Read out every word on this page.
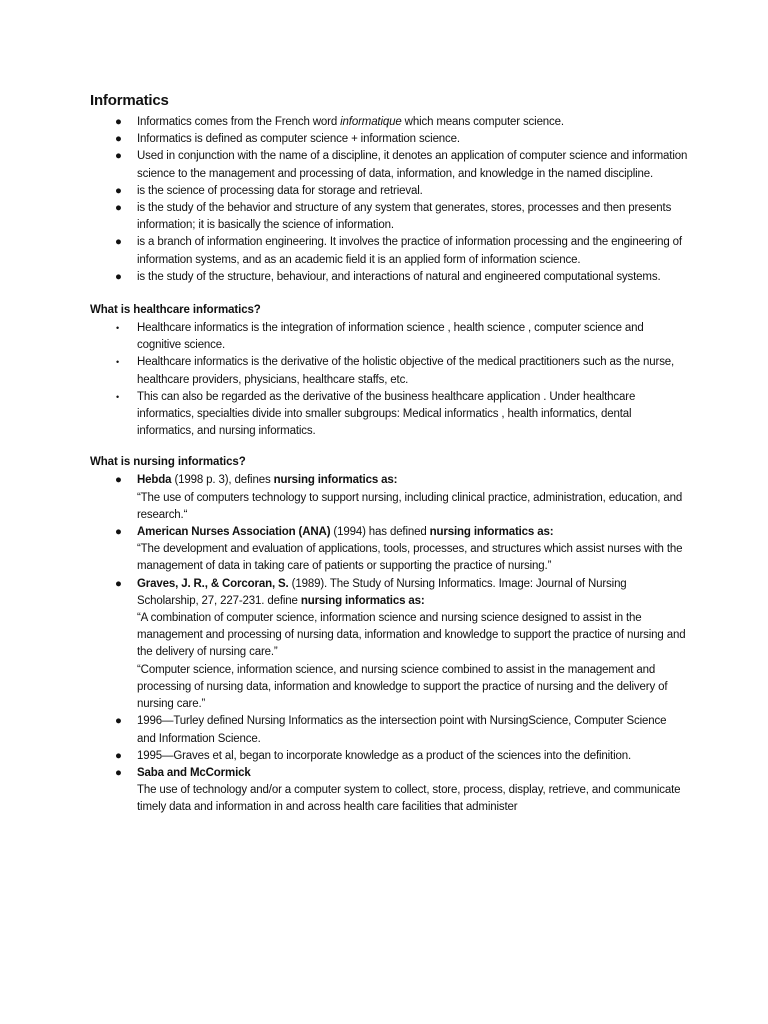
Informatics
● Informatics comes from the French word informatique which means computer science.
● Informatics is defined as computer science + information science.
● Used in conjunction with the name of a discipline, it denotes an application of computer science and information science to the management and processing of data, information, and knowledge in the named discipline.
● is the science of processing data for storage and retrieval.
● is the study of the behavior and structure of any system that generates, stores, processes and then presents information; it is basically the science of information.
● is a branch of information engineering. It involves the practice of information processing and the engineering of information systems, and as an academic field it is an applied form of information science.
● is the study of the structure, behaviour, and interactions of natural and engineered computational systems.
What is healthcare informatics?
• Healthcare informatics is the integration of information science , health science , computer science and cognitive science.
• Healthcare informatics is the derivative of the holistic objective of the medical practitioners such as the nurse, healthcare providers, physicians, healthcare staffs, etc.
• This can also be regarded as the derivative of the business healthcare application . Under healthcare informatics, specialties divide into smaller subgroups: Medical informatics , health informatics, dental informatics, and nursing informatics.
What is nursing informatics?
● Hebda (1998 p. 3), defines nursing informatics as:
“The use of computers technology to support nursing, including clinical practice, administration, education, and research.“
● American Nurses Association (ANA) (1994) has defined nursing informatics as:
“The development and evaluation of applications, tools, processes, and structures which assist nurses with the management of data in taking care of patients or supporting the practice of nursing.”
● Graves, J. R., & Corcoran, S. (1989). The Study of Nursing Informatics. Image: Journal of Nursing Scholarship, 27, 227-231. define nursing informatics as:
“A combination of computer science, information science and nursing science designed to assist in the management and processing of nursing data, information and knowledge to support the practice of nursing and the delivery of nursing care.”
“Computer science, information science, and nursing science combined to assist in the management and processing of nursing data, information and knowledge to support the practice of nursing and the delivery of nursing care.”
● 1996—Turley defined Nursing Informatics as the intersection point with NursingScience, Computer Science and Information Science.
● 1995—Graves et al, began to incorporate knowledge as a product of the sciences into the definition.
● Saba and McCormick
The use of technology and/or a computer system to collect, store, process, display, retrieve, and communicate timely data and information in and across health care facilities that administer
